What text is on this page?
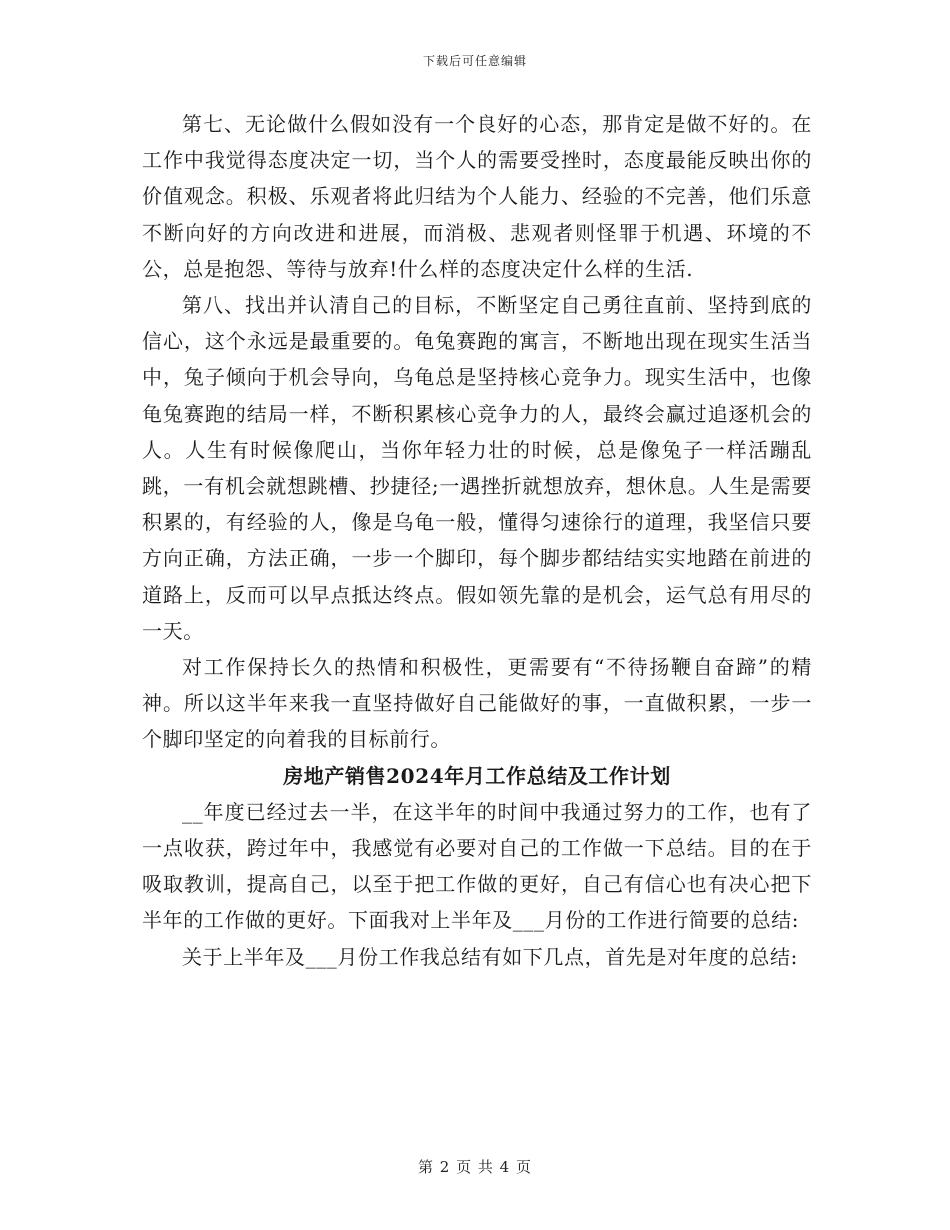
下载后可任意编辑

第七、无论做什么假如没有一个良好的心态，那肯定是做不好的。在工作中我觉得态度决定一切，当个人的需要受挫时，态度最能反映出你的价值观念。积极、乐观者将此归结为个人能力、经验的不完善，他们乐意不断向好的方向改进和进展，而消极、悲观者则怪罪于机遇、环境的不公，总是抱怨、等待与放弃!什么样的态度决定什么样的生活.

第八、找出并认清自己的目标，不断坚定自己勇往直前、坚持到底的信心，这个永远是最重要的。龟兔赛跑的寓言，不断地出现在现实生活当中，兔子倾向于机会导向，乌龟总是坚持核心竞争力。现实生活中，也像龟兔赛跑的结局一样，不断积累核心竞争力的人，最终会赢过追逐机会的人。人生有时候像爬山，当你年轻力壮的时候，总是像兔子一样活蹦乱跳，一有机会就想跳槽、抄捷径;一遇挫折就想放弃，想休息。人生是需要积累的，有经验的人，像是乌龟一般，懂得匀速徐行的道理，我坚信只要方向正确，方法正确，一步一个脚印，每个脚步都结结实实地踏在前进的道路上，反而可以早点抵达终点。假如领先靠的是机会，运气总有用尽的一天。

对工作保持长久的热情和积极性，更需要有“不待扬鞭自奋蹄”的精神。所以这半年来我一直坚持做好自己能做好的事，一直做积累，一步一个脚印坚定的向着我的目标前行。

房地产销售2024年月工作总结及工作计划

__年度已经过去一半，在这半年的时间中我通过努力的工作，也有了一点收获，跨过年中，我感觉有必要对自己的工作做一下总结。目的在于吸取教训，提高自己，以至于把工作做的更好，自己有信心也有决心把下半年的工作做的更好。下面我对上半年及___月份的工作进行简要的总结:

关于上半年及___月份工作我总结有如下几点，首先是对年度的总结:

第 2 页 共 4 页
